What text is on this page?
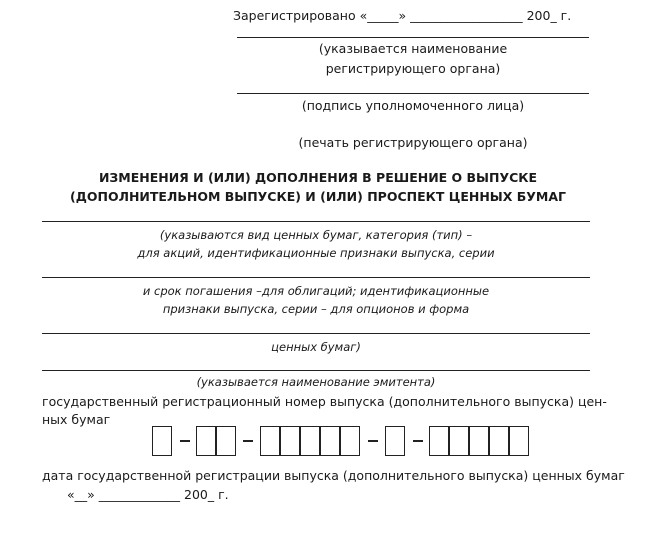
Зарегистрировано «_____» __________________ 200_ г.
(указывается наименование
регистрирующего органа)
(подпись уполномоченного лица)
(печать регистрирующего органа)
ИЗМЕНЕНИЯ И (ИЛИ) ДОПОЛНЕНИЯ В РЕШЕНИЕ О ВЫПУСКЕ
(ДОПОЛНИТЕЛЬНОМ ВЫПУСКЕ) И (ИЛИ) ПРОСПЕКТ ЦЕННЫХ БУМАГ
(указываются вид ценных бумаг, категория (тип) –
для акций, идентификационные признаки выпуска, серии
и срок погашения –для облигаций; идентификационные
признаки выпуска, серии – для опционов и форма
ценных бумаг)
(указывается наименование эмитента)
государственный регистрационный номер выпуска (дополнительного выпуска) цен-
ных бумаг
дата государственной регистрации выпуска (дополнительного выпуска) ценных бумаг
«__» _____________ 200_ г.
